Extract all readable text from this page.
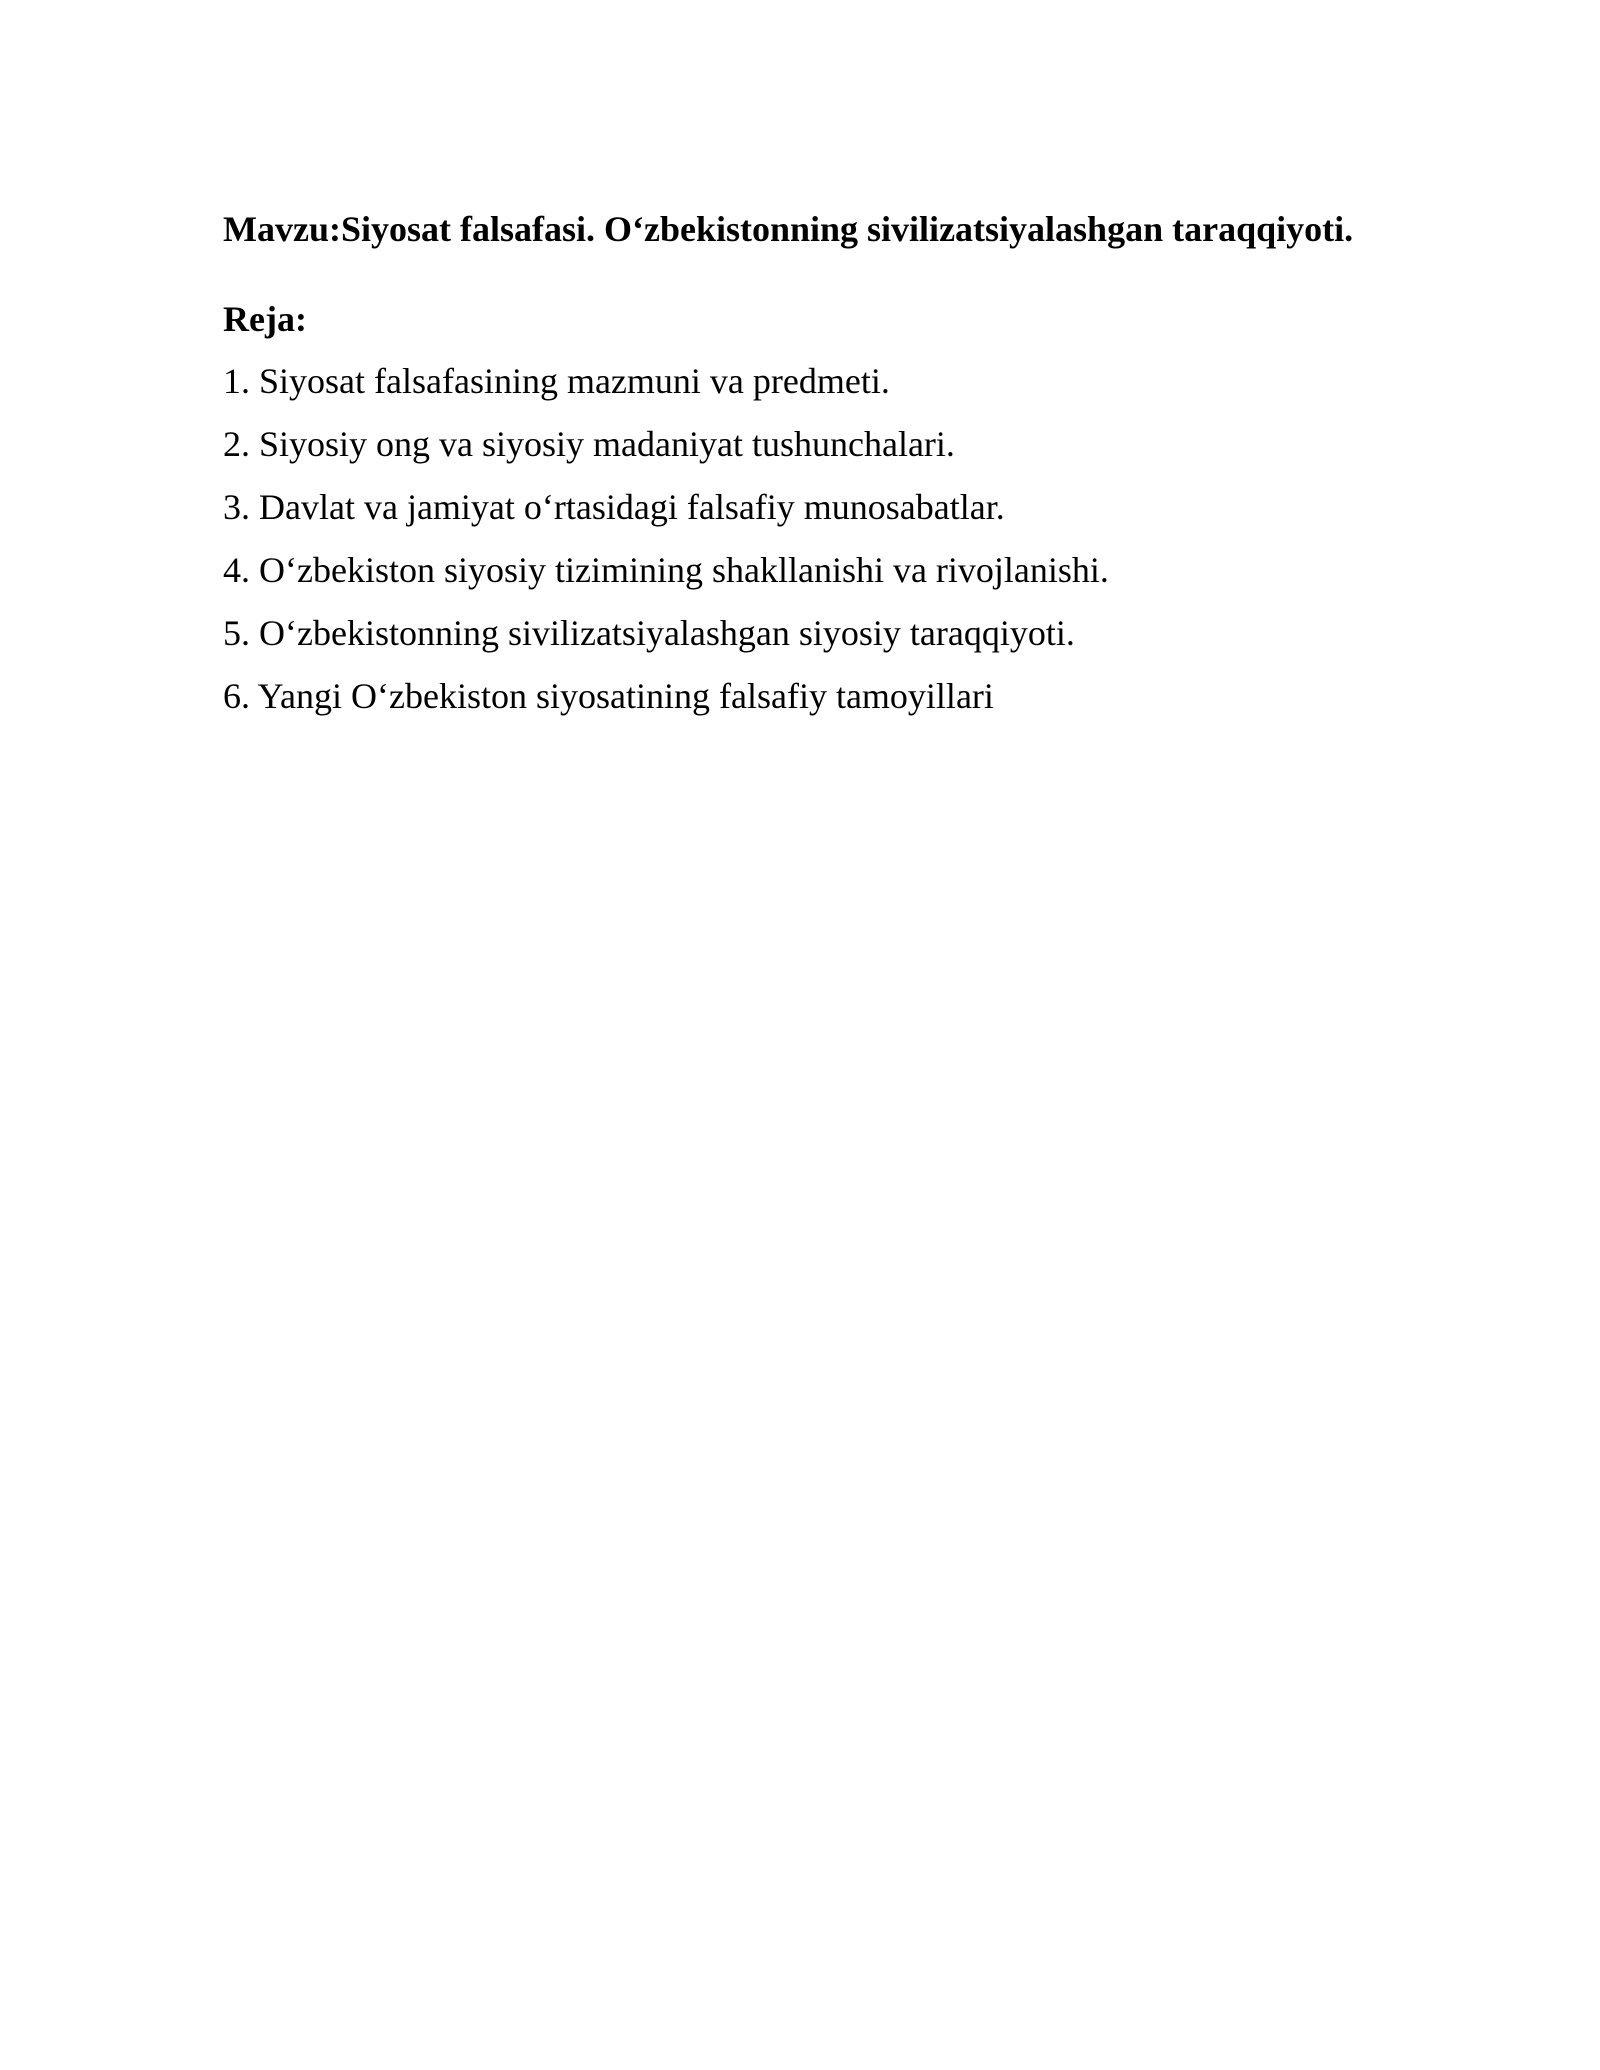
Mavzu:Siyosat falsafasi. O‘zbekistonning sivilizatsiyalashgan taraqqiyoti.

Reja:

1. Siyosat falsafasining mazmuni va predmeti.
2. Siyosiy ong va siyosiy madaniyat tushunchalari.
3. Davlat va jamiyat o‘rtasidagi falsafiy munosabatlar.
4. O‘zbekiston siyosiy tizimining shakllanishi va rivojlanishi.
5. O‘zbekistonning sivilizatsiyalashgan siyosiy taraqqiyoti.
6. Yangi O‘zbekiston siyosatining falsafiy tamoyillari
